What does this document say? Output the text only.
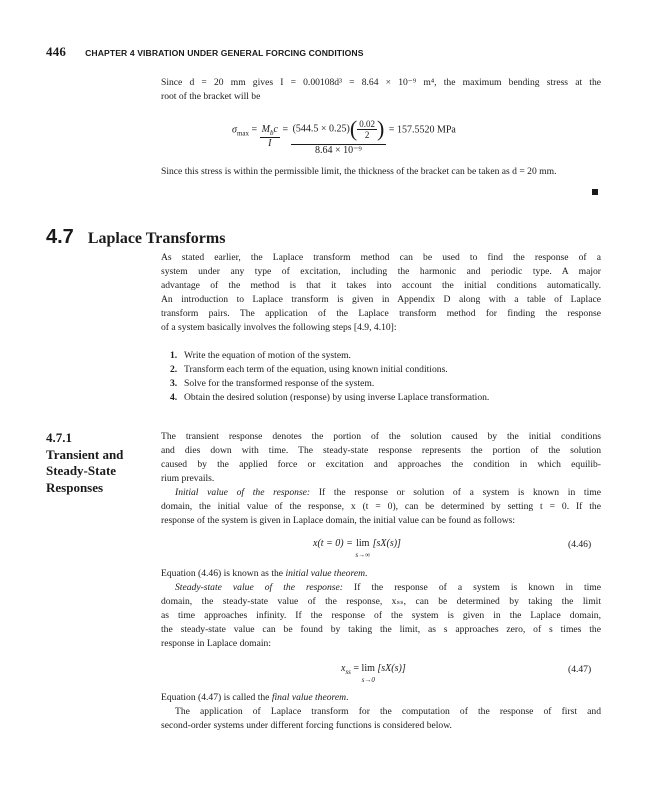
446 CHAPTER 4 VIBRATION UNDER GENERAL FORCING CONDITIONS
Since d = 20 mm gives I = 0.00108d³ = 8.64 × 10⁻⁹ m⁴, the maximum bending stress at the
root of the bracket will be
$\sigma_{max} = \frac{M_bc}{I} = \frac{(544.5 \times 0.25)( \frac{0.02}{2} )}{\text{8.64 × 10⁻⁹}} = 157.5520$ MPa
Since this stress is within the permissible limit, the thickness of the bracket can be taken as d = 20 mm.
4.7 Laplace Transforms
As stated earlier, the Laplace transform method can be used to find the response of a
system under any type of excitation, including the harmonic and periodic type. A major
advantage of the method is that it takes into account the initial conditions automatically.
An introduction to Laplace transform is given in Appendix D along with a table of Laplace
transform pairs. The application of the Laplace transform method for finding the response
of a system basically involves the following steps [4.9, 4.10]:
1. Write the equation of motion of the system.
2. Transform each term of the equation, using known initial conditions.
3. Solve for the transformed response of the system.
4. Obtain the desired solution (response) by using inverse Laplace transformation.
4.7.1
Transient and
Steady-State
Responses
The transient response denotes the portion of the solution caused by the initial conditions
and dies down with time. The steady-state response represents the portion of the solution
caused by the applied force or excitation and approaches the condition in which equilib-
rium prevails.
Initial value of the response: If the response or solution of a system is known in time
domain, the initial value of the response, x (t = 0), can be determined by setting t = 0. If the
response of the system is given in Laplace domain, the initial value can be found as follows:
x(t = 0) = lim
s→∞ [sX(s)]	(4.46)
Equation (4.46) is known as the initial value theorem.
Steady-state value of the response: If the response of a system is known in time
domain, the steady-state value of the response, xₛₛ, can be determined by taking the limit
as time approaches infinity. If the response of the system is given in the Laplace domain,
the steady-state value can be found by taking the limit, as s approaches zero, of s times the
response in Laplace domain:
$x_{ss} = \lim$
s→0 [sX(s)]	(4.47)
Equation (4.47) is called the final value theorem.
The application of Laplace transform for the computation of the response of first and
second-order systems under different forcing functions is considered below.
